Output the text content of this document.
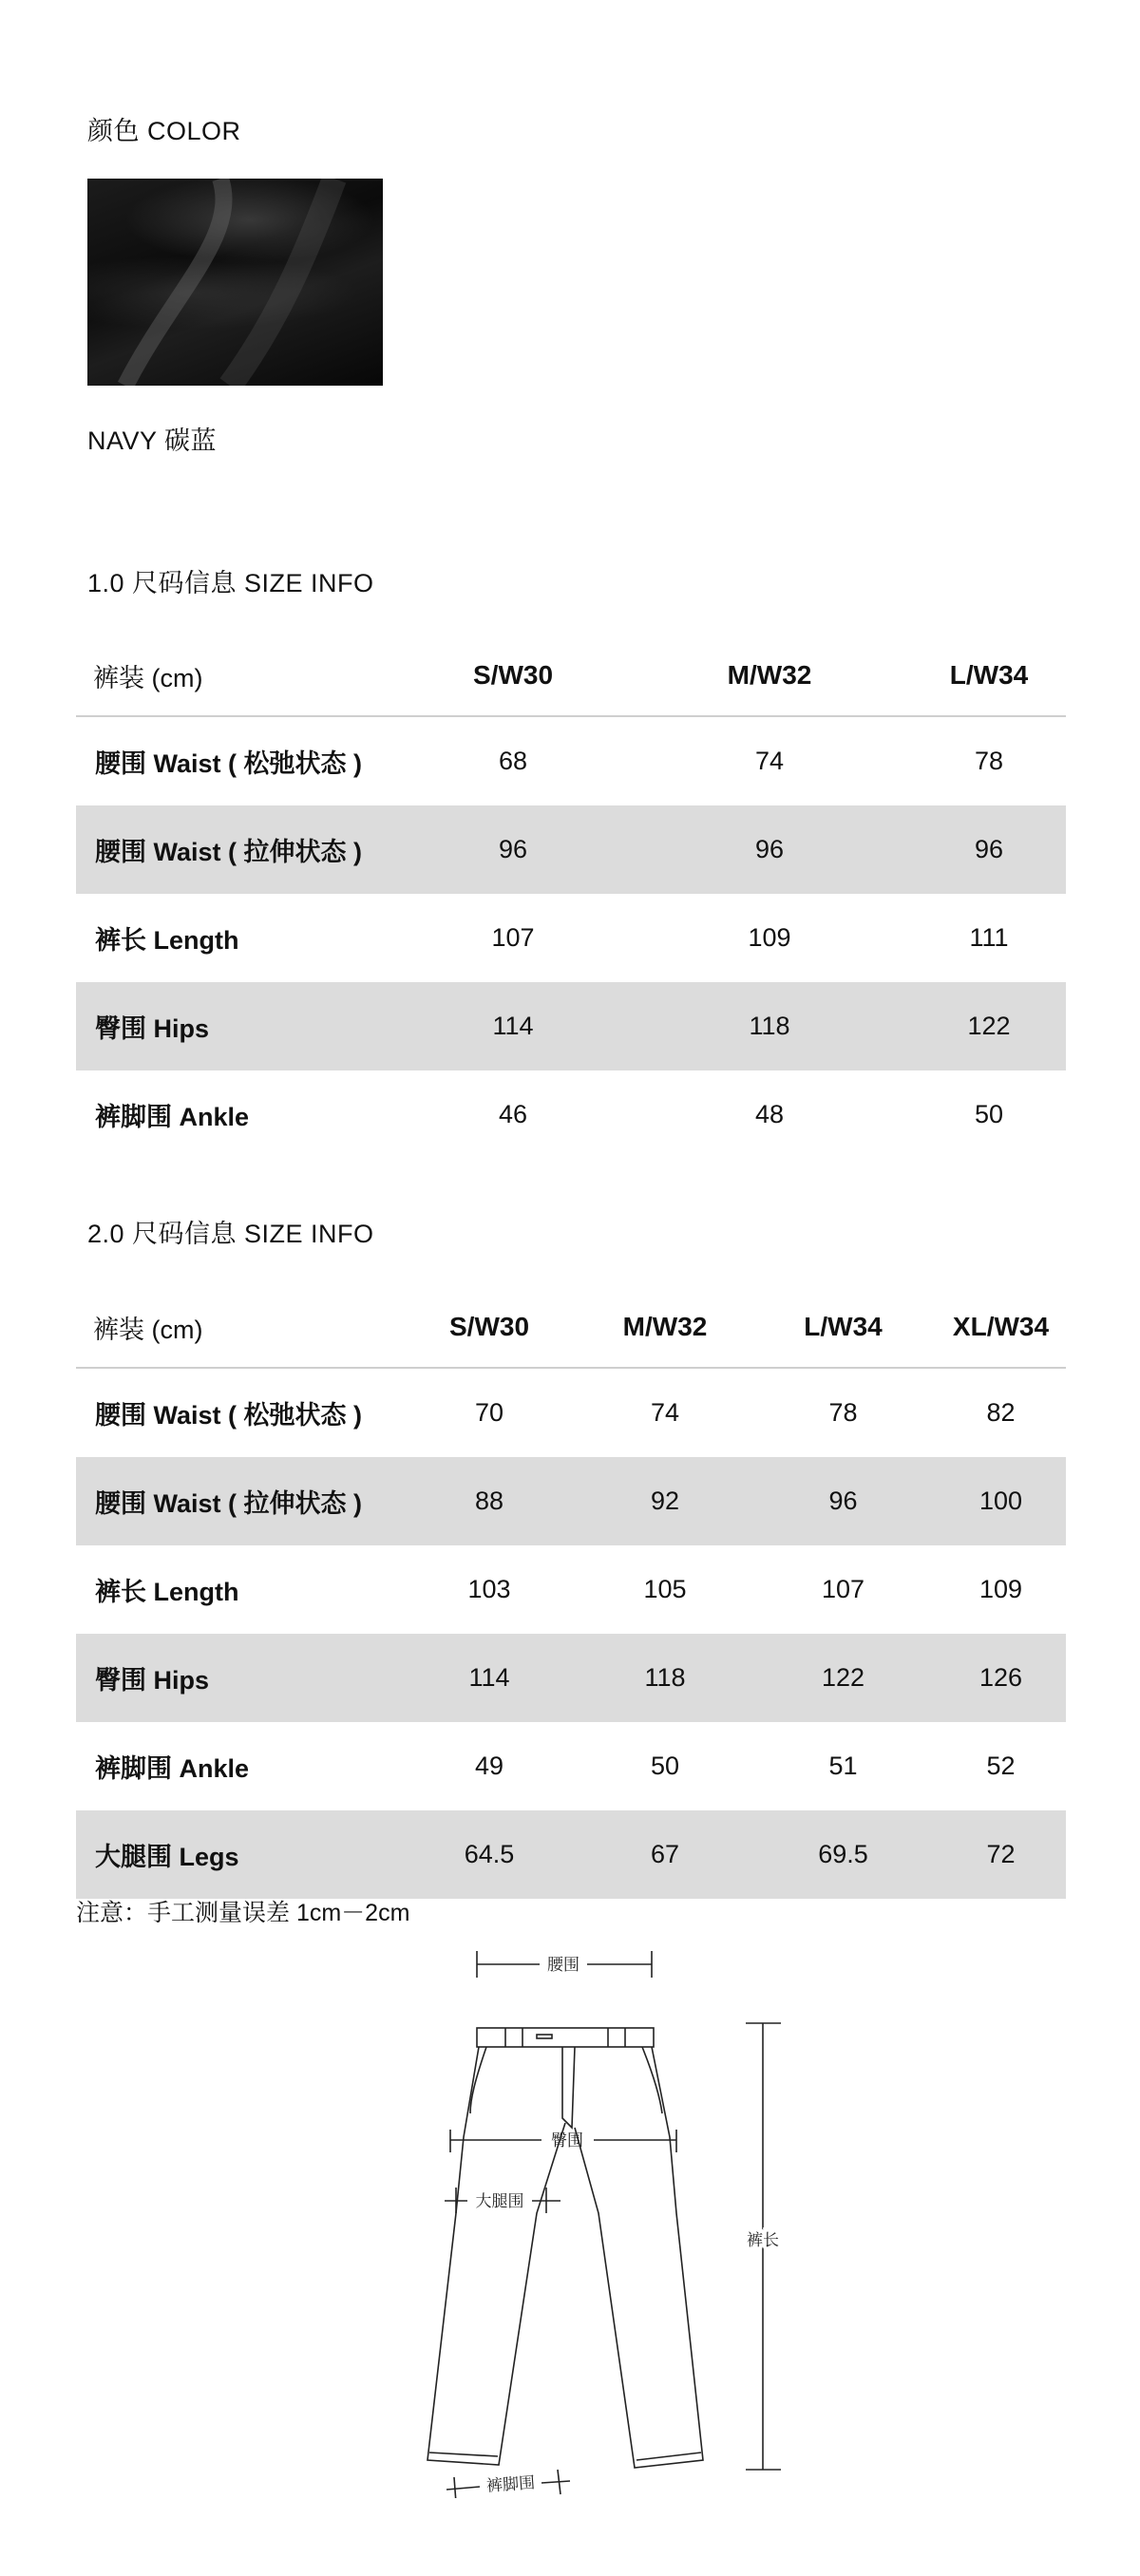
颜色 COLOR
NAVY 碳蓝
1.0 尺码信息 SIZE INFO
裤装 (cm)	S/W30	M/W32	L/W34
腰围 Waist ( 松弛状态 )	68	74	78
腰围 Waist ( 拉伸状态 )	96	96	96
裤长 Length	107	109	111
臀围 Hips	114	118	122
裤脚围 Ankle	46	48	50
2.0 尺码信息 SIZE INFO
裤装 (cm)	S/W30	M/W32	L/W34	XL/W34
腰围 Waist ( 松弛状态 )	70	74	78	82
腰围 Waist ( 拉伸状态 )	88	92	96	100
裤长 Length	103	105	107	109
臀围 Hips	114	118	122	126
裤脚围 Ankle	49	50	51	52
大腿围 Legs	64.5	67	69.5	72
注意：手工测量误差 1cm－2cm
腰围
臀围
大腿围
裤长
裤脚围
